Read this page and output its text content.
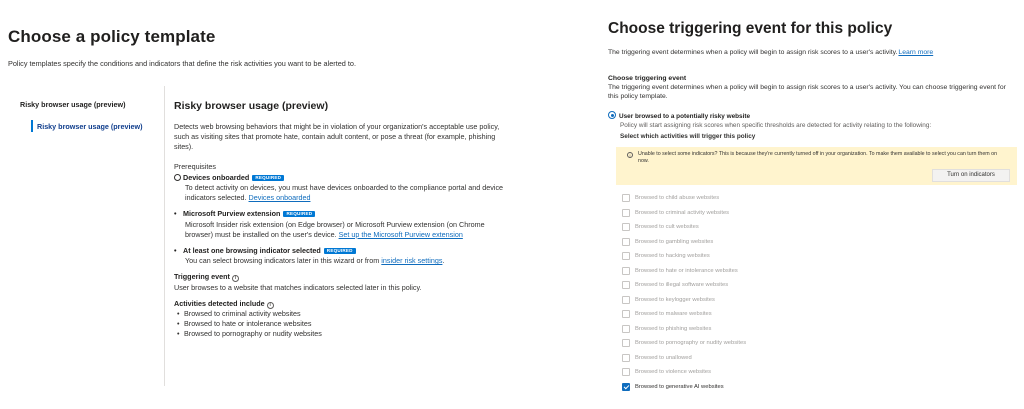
Choose a policy template
Policy templates specify the conditions and indicators that define the risk activities you want to be alerted to.
Risky browser usage (preview)
Risky browser usage (preview)
Risky browser usage (preview)
Detects web browsing behaviors that might be in violation of your organization's acceptable use policy, such as visiting sites that promote hate, contain adult content, or pose a threat (for example, phishing sites).
Prerequisites
Devices onboarded REQUIRED
To detect activity on devices, you must have devices onboarded to the compliance portal and device indicators selected. Devices onboarded
• Microsoft Purview extension REQUIRED
Microsoft Insider risk extension (on Edge browser) or Microsoft Purview extension (on Chrome browser) must be installed on the user's device. Set up the Microsoft Purview extension
• At least one browsing indicator selected REQUIRED
You can select browsing indicators later in this wizard or from insider risk settings.
Triggering event i
User browses to a website that matches indicators selected later in this policy.
Activities detected include i
• Browsed to criminal activity websites
• Browsed to hate or intolerance websites
• Browsed to pornography or nudity websites
Choose triggering event for this policy
The triggering event determines when a policy will begin to assign risk scores to a user's activity.Learn more
Choose triggering event
The triggering event determines when a policy will begin to assign risk scores to a user's activity. You can choose triggering event for this policy template.
User browsed to a potentially risky website
Policy will start assigning risk scores when specific thresholds are detected for activity relating to the following:
Select which activities will trigger this policy
i	Unable to select some indicators? This is because they're currently turned off in your organization. To make them available to select you can turn them on now.
Turn on indicators
Browsed to child abuse websites
Browsed to criminal activity websites
Browsed to cult websites
Browsed to gambling websites
Browsed to hacking websites
Browsed to hate or intolerance websites
Browsed to illegal software websites
Browsed to keylogger websites
Browsed to malware websites
Browsed to phishing websites
Browsed to pornography or nudity websites
Browsed to unallowed
Browsed to violence websites
Browsed to generative AI websites
